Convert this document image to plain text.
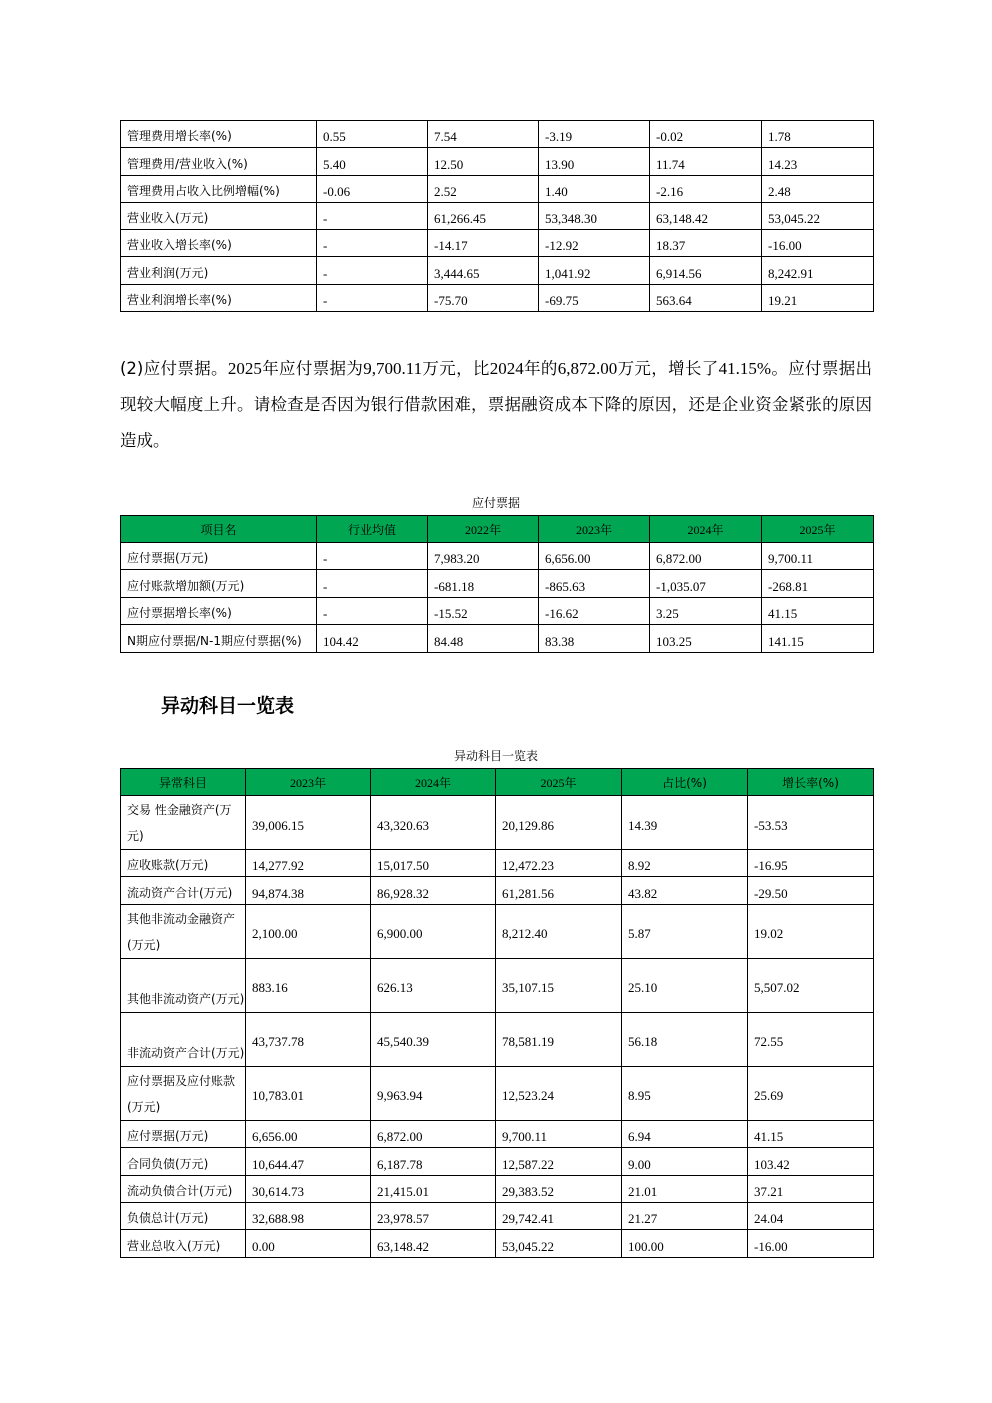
管理费用增长率(%)	0.55	7.54	-3.19	-0.02	1.78
管理费用/营业收入(%)	5.40	12.50	13.90	11.74	14.23
管理费用占收入比例增幅(%)	-0.06	2.52	1.40	-2.16	2.48
营业收入(万元)	-	61,266.45	53,348.30	63,148.42	53,045.22
营业收入增长率(%)	-	-14.17	-12.92	18.37	-16.00
营业利润(万元)	-	3,444.65	1,041.92	6,914.56	8,242.91
营业利润增长率(%)	-	-75.70	-69.75	563.64	19.21

(2)应付票据。2025年应付票据为9,700.11万元，比2024年的6,872.00万元，增长了41.15%。应付票据出现较大幅度上升。请检查是否因为银行借款困难，票据融资成本下降的原因，还是企业资金紧张的原因造成。

应付票据
项目名	行业均值	2022年	2023年	2024年	2025年
应付票据(万元)	-	7,983.20	6,656.00	6,872.00	9,700.11
应付账款增加额(万元)	-	-681.18	-865.63	-1,035.07	-268.81
应付票据增长率(%)	-	-15.52	-16.62	3.25	41.15
N期应付票据/N-1期应付票据(%)	104.42	84.48	83.38	103.25	141.15
异动科目一览表
异动科目一览表
异常科目	2023年	2024年	2025年	占比(%)	增长率(%)
交易 性金融资产(万元)	39,006.15	43,320.63	20,129.86	14.39	-53.53
应收账款(万元)	14,277.92	15,017.50	12,472.23	8.92	-16.95
流动资产合计(万元)	94,874.38	86,928.32	61,281.56	43.82	-29.50
其他非流动金融资产(万元)	2,100.00	6,900.00	8,212.40	5.87	19.02
其他非流动资产(万元)	883.16	626.13	35,107.15	25.10	5,507.02
非流动资产合计(万元)	43,737.78	45,540.39	78,581.19	56.18	72.55
应付票据及应付账款(万元)	10,783.01	9,963.94	12,523.24	8.95	25.69
应付票据(万元)	6,656.00	6,872.00	9,700.11	6.94	41.15
合同负债(万元)	10,644.47	6,187.78	12,587.22	9.00	103.42
流动负债合计(万元)	30,614.73	21,415.01	29,383.52	21.01	37.21
负债总计(万元)	32,688.98	23,978.57	29,742.41	21.27	24.04
营业总收入(万元)	0.00	63,148.42	53,045.22	100.00	-16.00
